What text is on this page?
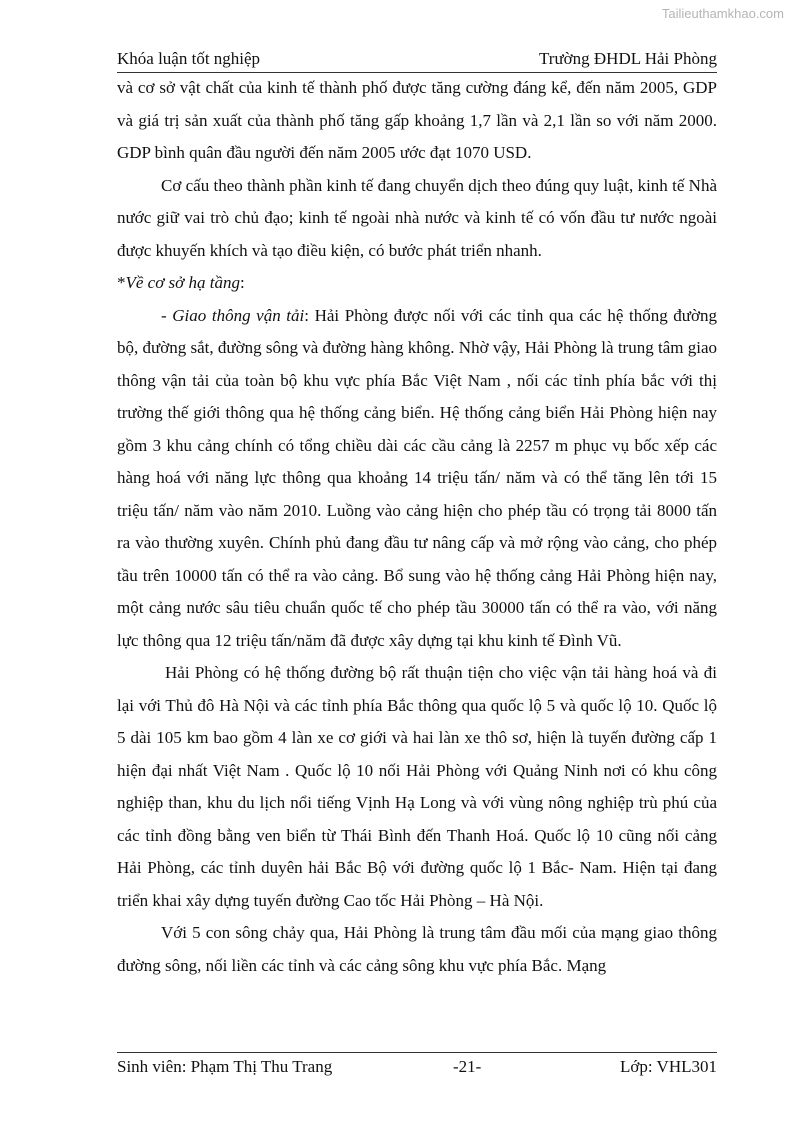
Tailieuthamkhao.com
Khóa luận tốt nghiệp	Trường ĐHDL Hải Phòng

và cơ sở vật chất của kinh tế thành phố được tăng cường đáng kể, đến năm 2005, GDP và giá trị sản xuất của thành phố tăng gấp khoảng 1,7 lần và 2,1 lần so với năm 2000. GDP bình quân đầu người đến năm 2005 ước đạt 1070 USD.

Cơ cấu theo thành phần kinh tế đang chuyển dịch theo đúng quy luật, kinh tế Nhà nước giữ vai trò chủ đạo; kinh tế ngoài nhà nước và kinh tế có vốn đầu tư nước ngoài được khuyến khích và tạo điều kiện, có bước phát triển nhanh.

*Về cơ sở hạ tầng:

- Giao thông vận tải: Hải Phòng được nối với các tỉnh qua các hệ thống đường bộ, đường sắt, đường sông và đường hàng không. Nhờ vậy, Hải Phòng là trung tâm giao thông vận tải của toàn bộ khu vực phía Bắc Việt Nam , nối các tỉnh phía bắc với thị trường thế giới thông qua hệ thống cảng biển. Hệ thống cảng biển Hải Phòng hiện nay gồm 3 khu cảng chính có tổng chiều dài các cầu cảng là 2257 m phục vụ bốc xếp các hàng hoá với năng lực thông qua khoảng 14 triệu tấn/ năm và có thể tăng lên tới 15 triệu tấn/ năm vào năm 2010. Luồng vào cảng hiện cho phép tầu có trọng tải 8000 tấn ra vào thường xuyên. Chính phủ đang đầu tư nâng cấp và mở rộng vào cảng, cho phép tầu trên 10000 tấn có thể ra vào cảng. Bổ sung vào hệ thống cảng Hải Phòng hiện nay, một cảng nước sâu tiêu chuẩn quốc tế cho phép tầu 30000 tấn có thể ra vào, với năng lực thông qua 12 triệu tấn/năm đã được xây dựng tại khu kinh tế Đình Vũ.

Hải Phòng có hệ thống đường bộ rất thuận tiện cho việc vận tải hàng hoá và đi lại với Thủ đô Hà Nội và các tỉnh phía Bắc thông qua quốc lộ 5 và quốc lộ 10. Quốc lộ 5 dài 105 km bao gồm 4 làn xe cơ giới và hai làn xe thô sơ, hiện là tuyến đường cấp 1 hiện đại nhất Việt Nam . Quốc lộ 10 nối Hải Phòng với Quảng Ninh nơi có khu công nghiệp than, khu du lịch nổi tiếng Vịnh Hạ Long và với vùng nông nghiệp trù phú của các tỉnh đồng bằng ven biển từ Thái Bình đến Thanh Hoá. Quốc lộ 10 cũng nối cảng Hải Phòng, các tỉnh duyên hải Bắc Bộ với đường quốc lộ 1 Bắc- Nam. Hiện tại đang triển khai xây dựng tuyến đường Cao tốc Hải Phòng – Hà Nội.

Với 5 con sông chảy qua, Hải Phòng là trung tâm đầu mối của mạng giao thông đường sông, nối liền các tỉnh và các cảng sông khu vực phía Bắc. Mạng

Sinh viên: Phạm Thị Thu Trang	-21-	Lớp: VHL301
